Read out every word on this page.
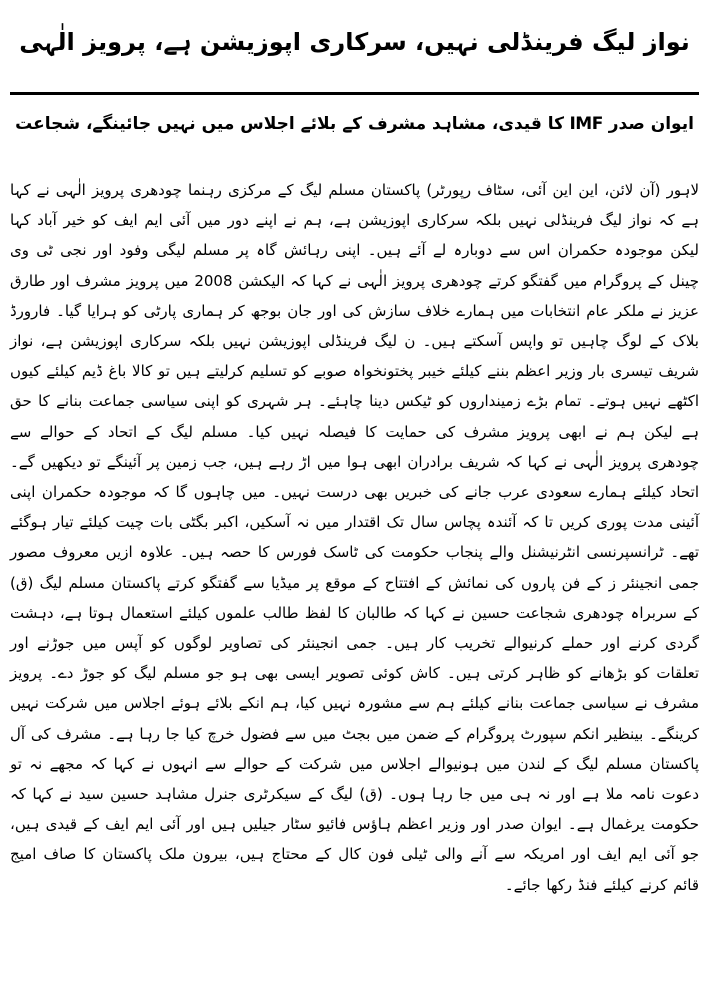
نواز لیگ فرینڈلی نہیں، سرکاری اپوزیشن ہے، پرویز الٰہی
ایوان صدر IMF کا قیدی، مشاہد مشرف کے بلائے اجلاس میں نہیں جائینگے، شجاعت

لاہور (آن لائن، این این آئی، سٹاف رپورٹر) پاکستان مسلم لیگ کے مرکزی رہنما چودھری پرویز الٰہی نے کہا ہے کہ نواز لیگ فرینڈلی نہیں بلکہ سرکاری اپوزیشن ہے، ہم نے اپنے دور میں آئی ایم ایف کو خیر آباد کہا لیکن موجودہ حکمران اس سے دوبارہ لے آئے ہیں۔ اپنی رہائش گاہ پر مسلم لیگی وفود اور نجی ٹی وی چینل کے پروگرام میں گفتگو کرتے چودھری پرویز الٰہی نے کہا کہ الیکشن 2008 میں پرویز مشرف اور طارق عزیز نے ملکر عام انتخابات میں ہمارے خلاف سازش کی اور جان بوجھ کر ہماری پارٹی کو ہرایا گیا۔ فارورڈ بلاک کے لوگ چاہیں تو واپس آسکتے ہیں۔ ن لیگ فرینڈلی اپوزیشن نہیں بلکہ سرکاری اپوزیشن ہے، نواز شریف تیسری بار وزیر اعظم بننے کیلئے خیبر پختونخواہ صوبے کو تسلیم کرلیتے ہیں تو کالا باغ ڈیم کیلئے کیوں اکٹھے نہیں ہوتے۔ تمام بڑے زمینداروں کو ٹیکس دینا چاہئے۔ ہر شہری کو اپنی سیاسی جماعت بنانے کا حق ہے لیکن ہم نے ابھی پرویز مشرف کی حمایت کا فیصلہ نہیں کیا۔ مسلم لیگ کے اتحاد کے حوالے سے چودھری پرویز الٰہی نے کہا کہ شریف برادران ابھی ہوا میں اڑ رہے ہیں، جب زمین پر آئینگے تو دیکھیں گے۔ اتحاد کیلئے ہمارے سعودی عرب جانے کی خبریں بھی درست نہیں۔ میں چاہوں گا کہ موجودہ حکمران اپنی آئینی مدت پوری کریں تا کہ آئندہ پچاس سال تک اقتدار میں نہ آسکیں، اکبر بگٹی بات چیت کیلئے تیار ہوگئے تھے۔ ٹرانسپرنسی انٹرنیشنل والے پنجاب حکومت کی ٹاسک فورس کا حصہ ہیں۔ علاوہ ازیں معروف مصور جمی انجینئر ز کے فن پاروں کی نمائش کے افتتاح کے موقع پر میڈیا سے گفتگو کرتے پاکستان مسلم لیگ (ق) کے سربراہ چودھری شجاعت حسین نے کہا کہ طالبان کا لفظ طالب علموں کیلئے استعمال ہوتا ہے، دہشت گردی کرنے اور حملے کرنیوالے تخریب کار ہیں۔ جمی انجینئر کی تصاویر لوگوں کو آپس میں جوڑنے اور تعلقات کو بڑھانے کو ظاہر کرتی ہیں۔ کاش کوئی تصویر ایسی بھی ہو جو مسلم لیگ کو جوڑ دے۔ پرویز مشرف نے سیاسی جماعت بنانے کیلئے ہم سے مشورہ نہیں کیا، ہم انکے بلائے ہوئے اجلاس میں شرکت نہیں کرینگے۔ بینظیر انکم سپورٹ پروگرام کے ضمن میں بجٹ میں سے فضول خرچ کیا جا رہا ہے۔ مشرف کی آل پاکستان مسلم لیگ کے لندن میں ہونیوالے اجلاس میں شرکت کے حوالے سے انہوں نے کہا کہ مجھے نہ تو دعوت نامہ ملا ہے اور نہ ہی میں جا رہا ہوں۔ (ق) لیگ کے سیکرٹری جنرل مشاہد حسین سید نے کہا کہ حکومت یرغمال ہے۔ ایوان صدر اور وزیر اعظم ہاؤس فائیو سٹار جیلیں ہیں اور آئی ایم ایف کے قیدی ہیں، جو آئی ایم ایف اور امریکہ سے آنے والی ٹیلی فون کال کے محتاج ہیں، بیرون ملک پاکستان کا صاف امیج قائم کرنے کیلئے فنڈ رکھا جائے۔
